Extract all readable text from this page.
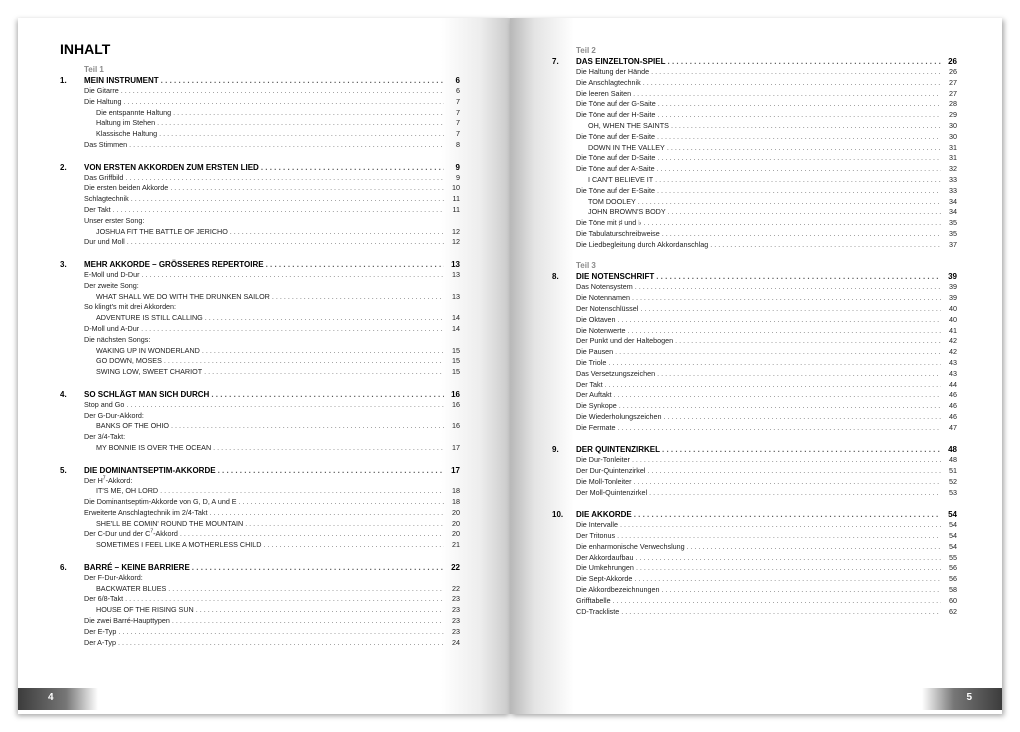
INHALT
Teil 1
1.	MEIN INSTRUMENT . . .	6
Die Gitarre . . .	6
Die Haltung . . .	7
Die entspannte Haltung . . .	7
Haltung im Stehen . . .	7
Klassische Haltung . . .	7
Das Stimmen . . .	8
2.	VON ERSTEN AKKORDEN ZUM ERSTEN LIED . . .	9
Das Griffbild . . .	9
Die ersten beiden Akkorde . . .	10
Schlagtechnik . . .	11
Der Takt . . .	11
Unser erster Song:
JOSHUA FIT THE BATTLE OF JERICHO . . .	12
Dur und Moll . . .	12
3.	MEHR AKKORDE – GRÖSSERES REPERTOIRE . . .	13
E-Moll und D-Dur . . .	13
Der zweite Song:
WHAT SHALL WE DO WITH THE DRUNKEN SAILOR . . .	13
So klingt's mit drei Akkorden:
ADVENTURE IS STILL CALLING . . .	14
D-Moll und A-Dur . . .	14
Die nächsten Songs:
WAKING UP IN WONDERLAND . . .	15
GO DOWN, MOSES . . .	15
SWING LOW, SWEET CHARIOT . . .	15
4.	SO SCHLÄGT MAN SICH DURCH . . .	16
Stop and Go . . .	16
Der G-Dur-Akkord:
BANKS OF THE OHIO . . .	16
Der 3/4-Takt:
MY BONNIE IS OVER THE OCEAN . . .	17
5.	DIE DOMINANTSEPTIM-AKKORDE . . .	17
Der $H^7$-Akkord:
IT'S ME, OH LORD . . .	18
Die Dominantseptim-Akkorde von G, D, A und E . . .	18
Erweiterte Anschlagtechnik im 2/4-Takt . . .	20
SHE'LL BE COMIN' ROUND THE MOUNTAIN . . .	20
Der C-Dur und der $C^7$-Akkord . . .	20
SOMETIMES I FEEL LIKE A MOTHERLESS CHILD . . .	21
6.	BARRÉ – KEINE BARRIERE . . .	22
Der F-Dur-Akkord:
BACKWATER BLUES . . .	22
Der 6/8-Takt . . .	23
HOUSE OF THE RISING SUN . . .	23
Die zwei Barré-Haupttypen . . .	23
Der E-Typ . . .	23
Der A-Typ . . .	24
4
Teil 2
7.	DAS EINZELTON-SPIEL . . .	26
Die Haltung der Hände . . .	26
Die Anschlagtechnik . . .	27
Die leeren Saiten . . .	27
Die Töne auf der G-Saite . . .	28
Die Töne auf der H-Saite . . .	29
OH, WHEN THE SAINTS . . .	30
Die Töne auf der E-Saite . . .	30
DOWN IN THE VALLEY . . .	31
Die Töne auf der D-Saite . . .	31
Die Töne auf der A-Saite . . .	32
I CAN'T BELIEVE IT . . .	33
Die Töne auf der E-Saite . . .	33
TOM DOOLEY . . .	34
JOHN BROWN'S BODY . . .	34
Die Töne mit ♯ und ♭ . . .	35
Die Tabulaturschreibweise . . .	35
Die Liedbegleitung durch Akkordanschlag . . .	37
Teil 3
8.	DIE NOTENSCHRIFT . . .	39
Das Notensystem . . .	39
Die Notennamen . . .	39
Der Notenschlüssel . . .	40
Die Oktaven . . .	40
Die Notenwerte . . .	41
Der Punkt und der Haltebogen . . .	42
Die Pausen . . .	42
Die Triole . . .	43
Das Versetzungszeichen . . .	43
Der Takt . . .	44
Der Auftakt . . .	46
Die Synkope . . .	46
Die Wiederholungszeichen . . .	46
Die Fermate . . .	47
9.	DER QUINTENZIRKEL . . .	48
Die Dur-Tonleiter . . .	48
Der Dur-Quintenzirkel . . .	51
Die Moll-Tonleiter . . .	52
Der Moll-Quintenzirkel . . .	53
10.	DIE AKKORDE . . .	54
Die Intervalle . . .	54
Der Tritonus . . .	54
Die enharmonische Verwechslung . . .	54
Der Akkordaufbau . . .	55
Die Umkehrungen . . .	56
Die Sept-Akkorde . . .	56
Die Akkordbezeichnungen . . .	58
Grifftabelle . . .	60
CD-Trackliste . . .	62
5
